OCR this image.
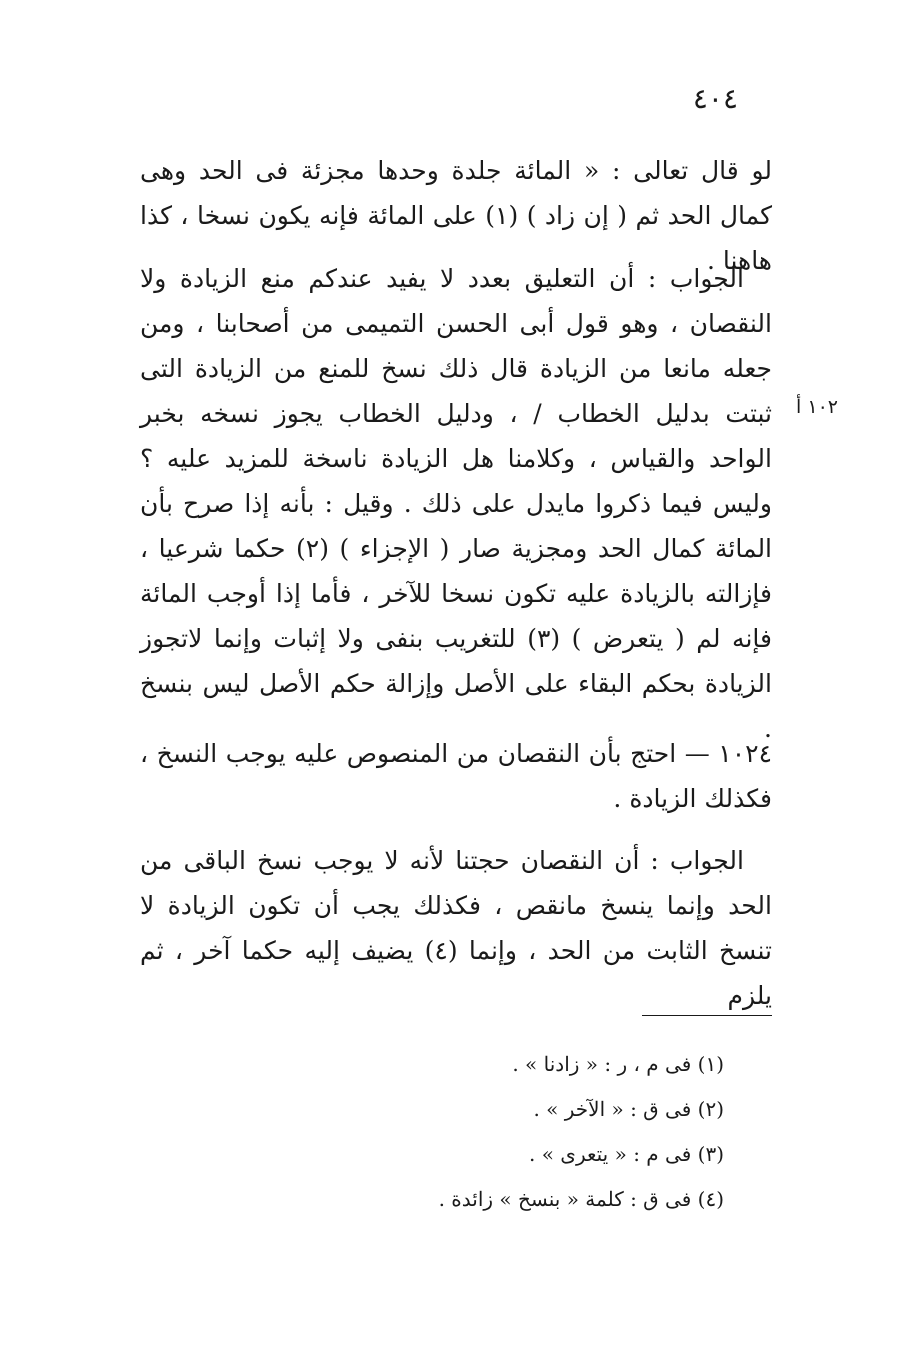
٤٠٤
١٠٢ أ

لو قال تعالى : « المائة جلدة وحدها مجزئة فى الحد وهى كمال الحد ثم ( إن زاد ) (١) على المائة فإنه يكون نسخا ، كذا هاهنا .

الجواب : أن التعليق بعدد لا يفيد عندكم منع الزيادة ولا النقصان ، وهو قول أبى الحسن التميمى من أصحابنا ، ومن جعله مانعا من الزيادة قال ذلك نسخ للمنع من الزيادة التى ثبتت بدليل الخطاب / ، ودليل الخطاب يجوز نسخه بخبر الواحد والقياس ، وكلامنا هل الزيادة ناسخة للمزيد عليه ؟ وليس فيما ذكروا مايدل على ذلك . وقيل : بأنه إذا صرح بأن المائة كمال الحد ومجزية صار ( الإجزاء ) (٢) حكما شرعيا ، فإزالته بالزيادة عليه تكون نسخا للآخر ، فأما إذا أوجب المائة فإنه لم ( يتعرض ) (٣) للتغريب بنفى ولا إثبات وإنما لاتجوز الزيادة بحكم البقاء على الأصل وإزالة حكم الأصل ليس بنسخ .

١٠٢٤ — احتج بأن النقصان من المنصوص عليه يوجب النسخ ، فكذلك الزيادة .

الجواب : أن النقصان حجتنا لأنه لا يوجب نسخ الباقى من الحد وإنما ينسخ مانقص ، فكذلك يجب أن تكون الزيادة لا تنسخ الثابت من الحد ، وإنما (٤) يضيف إليه حكما آخر ، ثم يلزم

(١) فى م ، ر : « زادنا » .
(٢) فى ق : « الآخر » .
(٣) فى م : « يتعرى » .
(٤) فى ق : كلمة « بنسخ » زائدة .
